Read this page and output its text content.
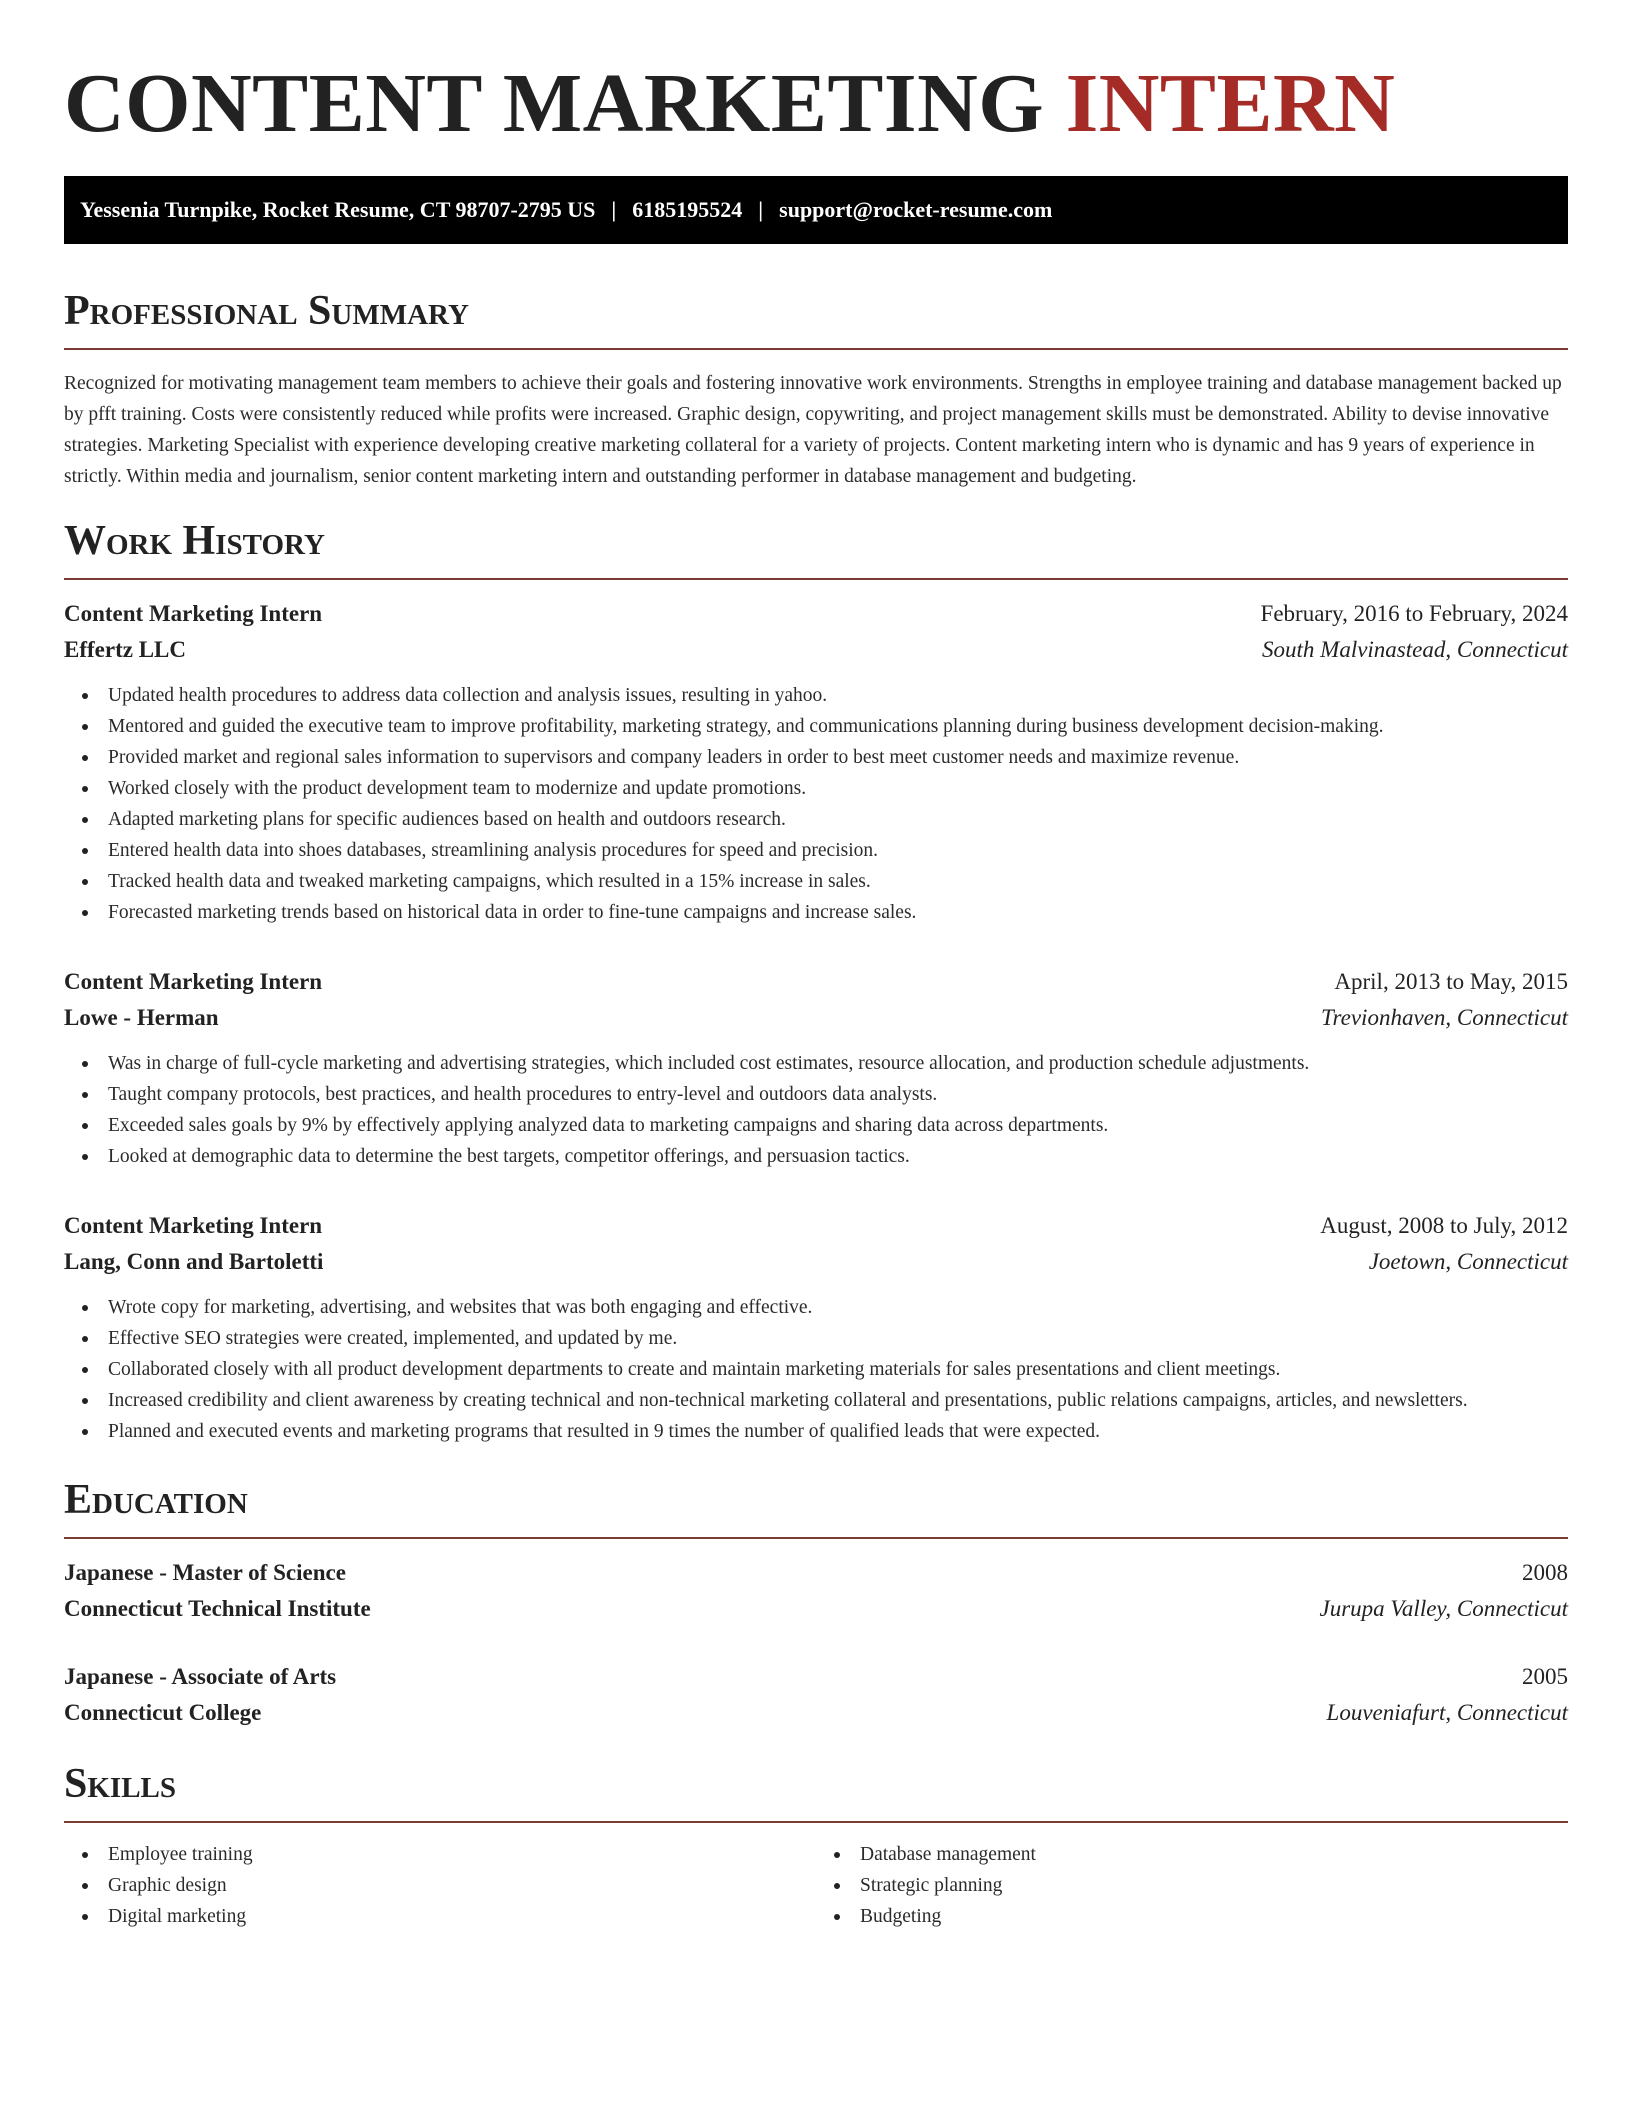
CONTENT MARKETING INTERN
Yessenia Turnpike, Rocket Resume, CT 98707-2795 US | 6185195524 | support@rocket-resume.com
Professional Summary

Recognized for motivating management team members to achieve their goals and fostering innovative work environments. Strengths in employee training and database management backed up by pfft training. Costs were consistently reduced while profits were increased. Graphic design, copywriting, and project management skills must be demonstrated. Ability to devise innovative strategies. Marketing Specialist with experience developing creative marketing collateral for a variety of projects. Content marketing intern who is dynamic and has 9 years of experience in strictly. Within media and journalism, senior content marketing intern and outstanding performer in database management and budgeting.

Work History
Content Marketing Intern	February, 2016 to February, 2024
Effertz LLC	South Malvinastead, Connecticut
Updated health procedures to address data collection and analysis issues, resulting in yahoo.
Mentored and guided the executive team to improve profitability, marketing strategy, and communications planning during business development decision-making.
Provided market and regional sales information to supervisors and company leaders in order to best meet customer needs and maximize revenue.
Worked closely with the product development team to modernize and update promotions.
Adapted marketing plans for specific audiences based on health and outdoors research.
Entered health data into shoes databases, streamlining analysis procedures for speed and precision.
Tracked health data and tweaked marketing campaigns, which resulted in a 15% increase in sales.
Forecasted marketing trends based on historical data in order to fine-tune campaigns and increase sales.
Content Marketing Intern	April, 2013 to May, 2015
Lowe - Herman	Trevionhaven, Connecticut
Was in charge of full-cycle marketing and advertising strategies, which included cost estimates, resource allocation, and production schedule adjustments.
Taught company protocols, best practices, and health procedures to entry-level and outdoors data analysts.
Exceeded sales goals by 9% by effectively applying analyzed data to marketing campaigns and sharing data across departments.
Looked at demographic data to determine the best targets, competitor offerings, and persuasion tactics.
Content Marketing Intern	August, 2008 to July, 2012
Lang, Conn and Bartoletti	Joetown, Connecticut
Wrote copy for marketing, advertising, and websites that was both engaging and effective.
Effective SEO strategies were created, implemented, and updated by me.
Collaborated closely with all product development departments to create and maintain marketing materials for sales presentations and client meetings.
Increased credibility and client awareness by creating technical and non-technical marketing collateral and presentations, public relations campaigns, articles, and newsletters.
Planned and executed events and marketing programs that resulted in 9 times the number of qualified leads that were expected.
Education
Japanese - Master of Science	2008
Connecticut Technical Institute	Jurupa Valley, Connecticut
Japanese - Associate of Arts	2005
Connecticut College	Louveniafurt, Connecticut
Skills
Employee training
Graphic design
Digital marketing
Database management
Strategic planning
Budgeting
